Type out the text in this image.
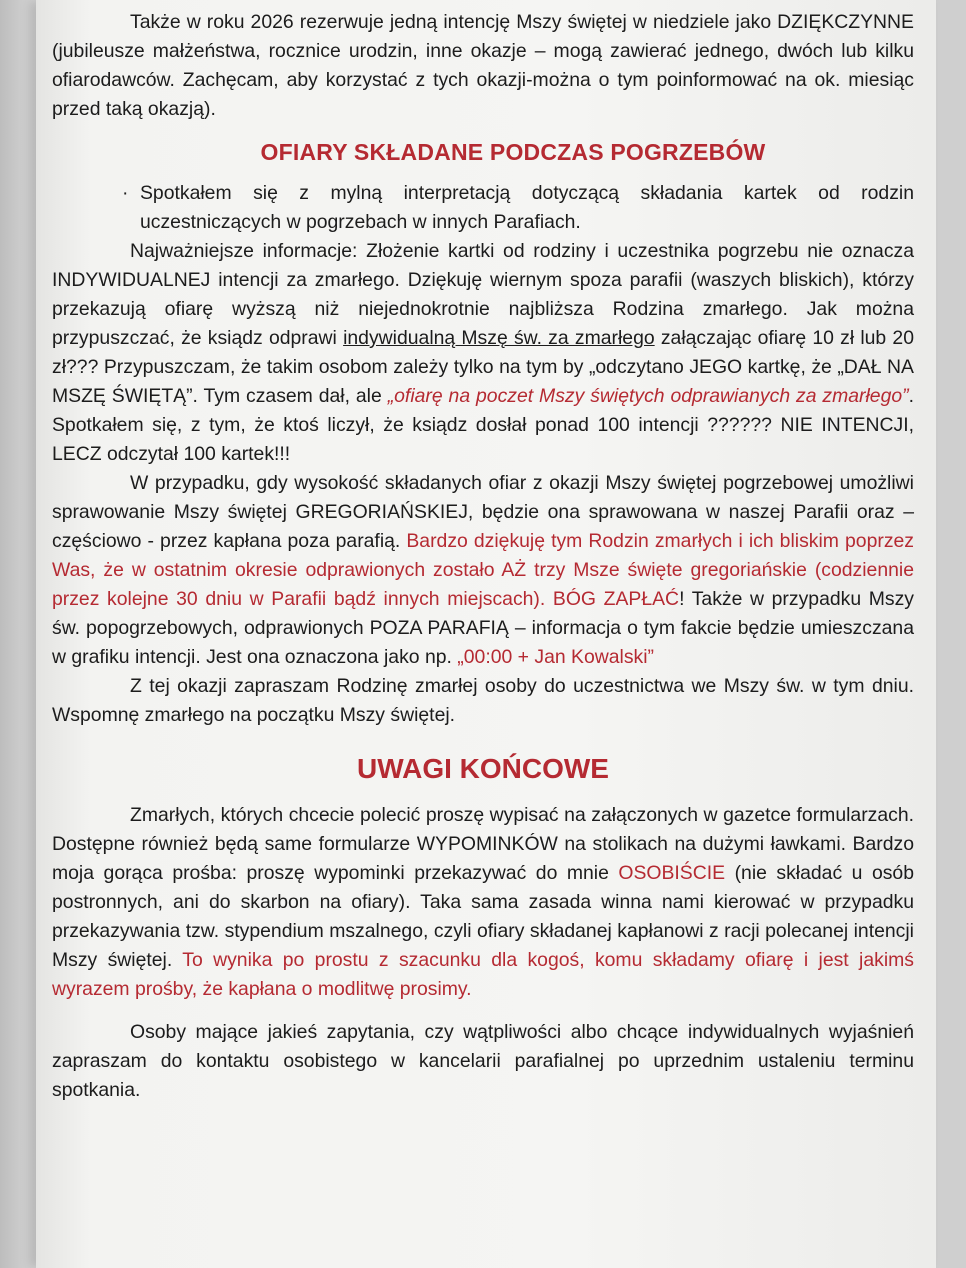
Także w roku 2026 rezerwuje jedną intencję Mszy świętej w niedziele jako DZIĘKCZYNNE (jubileusze małżeństwa, rocznice urodzin, inne okazje – mogą zawierać jednego, dwóch lub kilku ofiarodawców. Zachęcam, aby korzystać z tych okazji-można o tym poinformować na ok. miesiąc przed taką okazją).

OFIARY SKŁADANE PODCZAS POGRZEBÓW

· Spotkałem się z mylną interpretacją dotyczącą składania kartek od rodzin uczestniczących w pogrzebach w innych Parafiach.

Najważniejsze informacje: Złożenie kartki od rodziny i uczestnika pogrzebu nie oznacza INDYWIDUALNEJ intencji za zmarłego. Dziękuję wiernym spoza parafii (waszych bliskich), którzy przekazują ofiarę wyższą niż niejednokrotnie najbliższa Rodzina zmarłego. Jak można przypuszczać, że ksiądz odprawi indywidualną Mszę św. za zmarłego załączając ofiarę 10 zł lub 20 zł??? Przypuszczam, że takim osobom zależy tylko na tym by „odczytano JEGO kartkę, że „DAŁ NA MSZĘ ŚWIĘTĄ”. Tym czasem dał, ale „ofiarę na poczet Mszy świętych odprawianych za zmarłego”. Spotkałem się, z tym, że ktoś liczył, że ksiądz dosłał ponad 100 intencji ?????? NIE INTENCJI, LECZ odczytał 100 kartek!!!

W przypadku, gdy wysokość składanych ofiar z okazji Mszy świętej pogrzebowej umożliwi sprawowanie Mszy świętej GREGORIAŃSKIEJ, będzie ona sprawowana w naszej Parafii oraz – częściowo - przez kapłana poza parafią. Bardzo dziękuję tym Rodzin zmarłych i ich bliskim poprzez Was, że w ostatnim okresie odprawionych zostało AŻ trzy Msze święte gregoriańskie (codziennie przez kolejne 30 dniu w Parafii bądź innych miejscach). BÓG ZAPŁAĆ! Także w przypadku Mszy św. popogrzebowych, odprawionych POZA PARAFIĄ – informacja o tym fakcie będzie umieszczana w grafiku intencji. Jest ona oznaczona jako np. „00:00 + Jan Kowalski”

Z tej okazji zapraszam Rodzinę zmarłej osoby do uczestnictwa we Mszy św. w tym dniu. Wspomnę zmarłego na początku Mszy świętej.

UWAGI KOŃCOWE

Zmarłych, których chcecie polecić proszę wypisać na załączonych w gazetce formularzach. Dostępne również będą same formularze WYPOMINKÓW na stolikach na dużymi ławkami. Bardzo moja gorąca prośba: proszę wypominki przekazywać do mnie OSOBIŚCIE (nie składać u osób postronnych, ani do skarbon na ofiary). Taka sama zasada winna nami kierować w przypadku przekazywania tzw. stypendium mszalnego, czyli ofiary składanej kapłanowi z racji polecanej intencji Mszy świętej. To wynika po prostu z szacunku dla kogoś, komu składamy ofiarę i jest jakimś wyrazem prośby, że kapłana o modlitwę prosimy.

Osoby mające jakieś zapytania, czy wątpliwości albo chcące indywidualnych wyjaśnień zapraszam do kontaktu osobistego w kancelarii parafialnej po uprzednim ustaleniu terminu spotkania.
